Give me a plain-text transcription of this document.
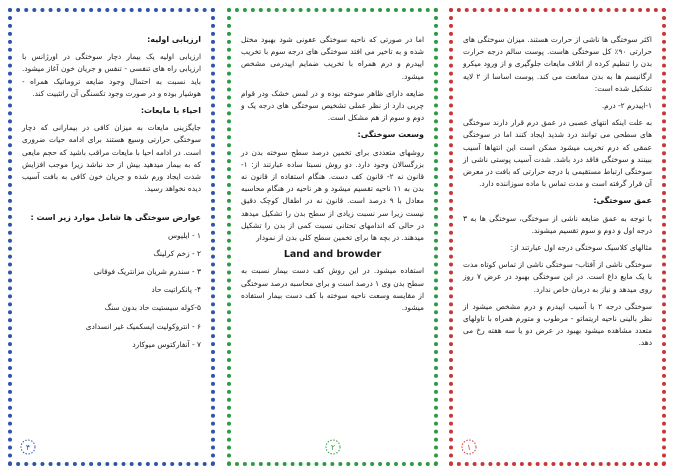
ارزیابی اولیه:

ارزیابی اولیه یک بیمار دچار سوختگی در اورژانس با ارزیابی راه های تنفسی - تنفس و جریان خون آغاز میشود. باید نسبت به احتمال وجود ضایعه تروماتیک همراه - هوشیار بوده و در صورت وجود تکسنگی آن راتثبیت کند.

احیاء با مایعات:

جایگزینی مایعات به میزان کافی در بیمارانی که دچار سوختگی حرارتی وسیع هستند برای ادامه حیات ضروری است. در ادامه احیا با مایعات مراقب باشید که حجم مایعی که به بیمار میدهید بیش از حد نباشد زیرا موجب افزایش شدت ایجاد ورم شده و جریان خون کافی به بافت آسیب دیده نخواهد رسید.

عوارض سوختگی ها شامل موارد زیر است :
۱ - ایلیوس
۲ - زخم کرلینگ
۳ - سندرم شریان مزانتریک فوقانی
۴- پانکراتیت حاد
۵-کوله سیستیت حاد بدون سنگ
۶ - انتروکولیت ایسکمیک غیر انسدادی
۷ - آنفارکتوس میوکارد
۴

اما در صورتی که ناحیه سوختگی عفونی شود بهبود مختل شده و به تاخیر می افتد سوختگی های درجه سوم با تخریب اپیدرم و درم همراه با تخریب ضمایم اپیدرمی مشخص میشود.

ضایعه دارای ظاهر سوخته بوده و در لمس خشک ودر قوام چربی دارد از نظر عملی تشخیص سوختگی های درجه یک و دوم و سوم از هم مشکل است.

وسعت سوختگی:

روشهای متعددی برای تخمین درصد سطح سوخته بدن در بزرگسالان وجود دارد. دو روش نسبتا ساده عبارتند از: ۱- قانون نه ۲- قانون کف دست. هنگام استفاده از قانون نه بدن به ۱۱ ناحیه تقسیم میشود و هر ناحیه در هنگام محاسبه معادل با ۹ درصد است. قانون نه در اطفال کوچک دقیق نیست زیرا سر نسبت زیادی از سطح بدن را تشکیل میدهد در حالی که اندامهای تحتانی نسبت کمی از بدن را تشکیل میدهند. در بچه ها برای تخمین سطح کلی بدن از نمودار

Land and browder

استفاده میشود. در این روش کف دست بیمار نسبت به سطح بدن وی ۱ درصد است و برای محاسبه درصد سوختگی از مقایسه وسعت ناحیه سوخته با کف دست بیمار استفاده میشود.

۲

اکثر سوختگی ها ناشی از حرارت هستند. میزان سوختگی های حرارتی ۹۰٪ کل سوختگی هاست. پوست سالم درجه حرارت بدن را تنظیم کرده از اتلاف مایعات جلوگیری و از ورود میکرو ارگانیسم ها به بدن ممانعت می کند. پوست اساسا از ۲ لایه تشکیل شده است:

۱-اپیدرم ۲- درم.

به علت اینکه انتهای عصبی در عمق درم قرار دارند سوختگی های سطحی می توانند درد شدید ایجاد کنند اما در سوختگی عمقی که درم تخریب میشود ممکن است این انتهاها آسیب ببینند و سوختگی فاقد درد باشد. شدت آسیب پوستی ناشی از سوختگی ارتباط مستقیمی با درجه حرارتی که بافت در معرض آن قرار گرفته است و مدت تماس با ماده سوزاننده دارد.

عمق سوختگی:

با توجه به عمق ضایعه ناشی از سوختگی، سوختگی ها به ۳ درجه اول و دوم و سوم تقسیم میشوند.

مثالهای کلاسیک سوختگی درجه اول عبارتند از:

سوختگی ناشی از آفتاب- سوختگی ناشی از تماس کوتاه مدت با یک مایع داغ است. در این سوختگی بهبود در عرض ۷ روز روی میدهد و نیاز به درمان خاص ندارد.

سوختگی درجه ۲ با آسیب اپیدرم و درم مشخص میشود از نظر بالینی ناحیه اریتماتو - مرطوب و متورم همراه با تاولهای متعدد مشاهده میشود بهبود در عرض دو یا سه هفته رخ می دهد.

۱
